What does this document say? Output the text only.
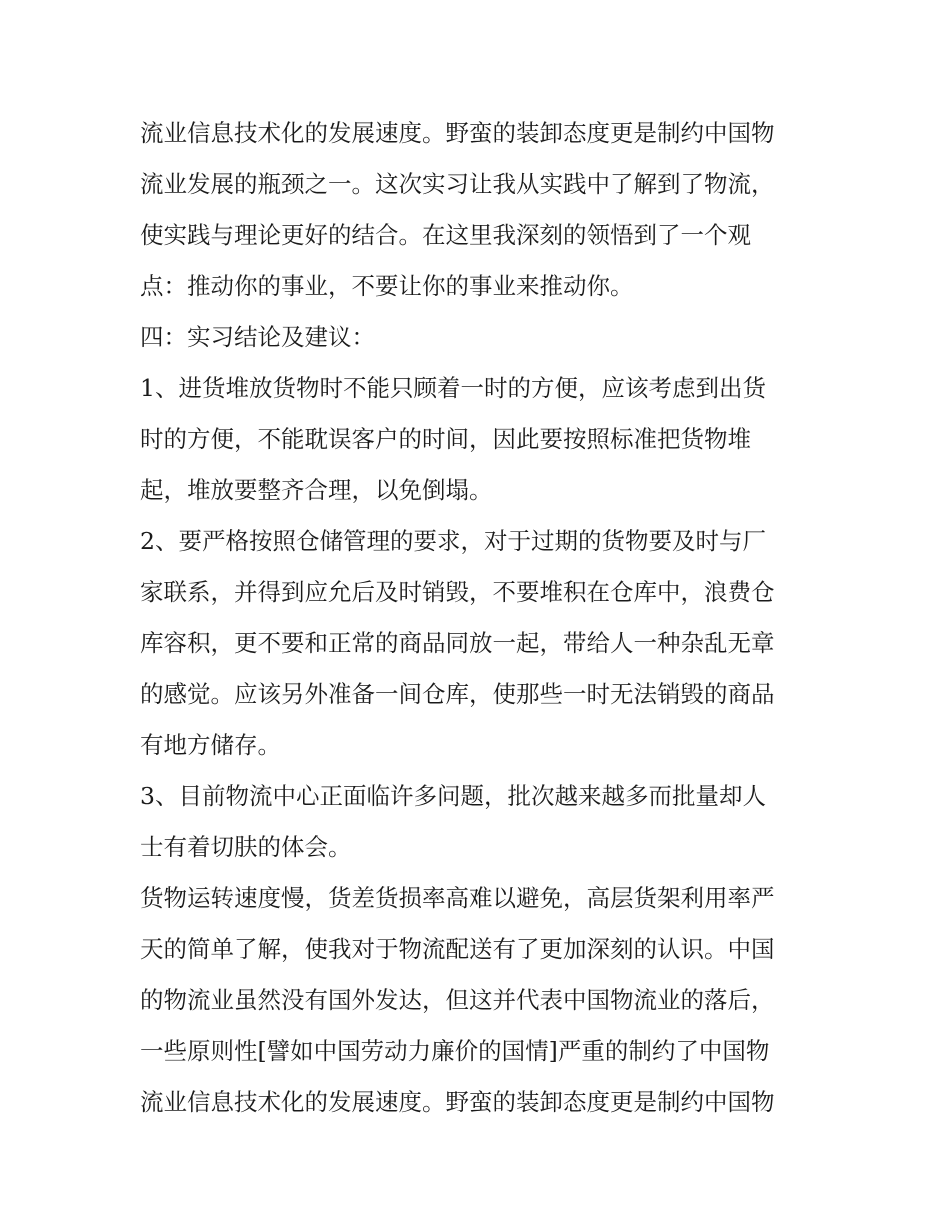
流业信息技术化的发展速度。野蛮的装卸态度更是制约中国物
流业发展的瓶颈之一。这次实习让我从实践中了解到了物流，
使实践与理论更好的结合。在这里我深刻的领悟到了一个观
点：推动你的事业，不要让你的事业来推动你。
四：实习结论及建议：
1、进货堆放货物时不能只顾着一时的方便，应该考虑到出货
时的方便，不能耽误客户的时间，因此要按照标准把货物堆
起，堆放要整齐合理，以免倒塌。
2、要严格按照仓储管理的要求，对于过期的货物要及时与厂
家联系，并得到应允后及时销毁，不要堆积在仓库中，浪费仓
库容积，更不要和正常的商品同放一起，带给人一种杂乱无章
的感觉。应该另外准备一间仓库，使那些一时无法销毁的商品
有地方储存。
3、目前物流中心正面临许多问题，批次越来越多而批量却人
士有着切肤的体会。
货物运转速度慢，货差货损率高难以避免，高层货架利用率严
天的简单了解，使我对于物流配送有了更加深刻的认识。中国
的物流业虽然没有国外发达，但这并代表中国物流业的落后，
一些原则性[譬如中国劳动力廉价的国情]严重的制约了中国物
流业信息技术化的发展速度。野蛮的装卸态度更是制约中国物
